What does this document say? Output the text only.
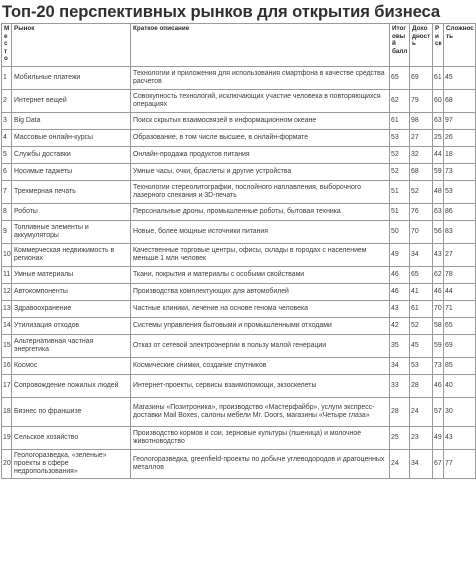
Топ-20 перспективных рынков для открытия бизнеса
Место	Рынок	Краткое описание	Итоговый балл	Доходность	Риск	Сложность
1	Мобильные платежи	Технологии и приложения для использования смартфона в качестве средства расчетов	65	69	61	45
2	Интернет вещей	Совокупность технологий, исключающих участие человека в повторяющихся операциях	62	79	60	68
3	Big Data	Поиск скрытых взаимосвязей в информационном океане	61	98	63	97
4	Массовые онлайн-курсы	Образование, в том числе высшее, в онлайн-формате	53	27	25	26
5	Службы доставки	Онлайн-продажа продуктов питания	52	32	44	18
6	Носимые гаджеты	Умные часы, очки, браслеты и другие устройства	52	68	59	73
7	Трехмерная печать	Технологии стереолитографии, послойного наплавления, выборочного лазерного спекания и 3D-печать	51	52	48	53
8	Роботы	Персональные дроны, промышленные роботы, бытовая техника	51	76	63	86
9	Топливные элементы и аккумуляторы	Новые, более мощные источники питания	50	70	56	83
10	Коммерческая недвижимость в регионах	Качественные торговые центры, офисы, склады в городах с населением меньше 1 млн человек	49	34	43	27
11	Умные материалы	Ткани, покрытия и материалы с особыми свойствами	46	65	62	78
12	Автокомпоненты	Производства комплектующих для автомобилей	46	41	46	44
13	Здравоохранение	Частные клиники, лечение на основе генома человека	43	61	70	71
14	Утилизация отходов	Системы управления бытовыми и промышленными отходами	42	52	58	65
15	Альтернативная частная энергетика	Отказ от сетевой электроэнергии в пользу малой генерации	35	45	59	69
16	Космос	Космические снимки, создание спутников	34	53	73	85
17	Сопровождение пожилых людей	Интернет-проекты, сервисы взаимопомощи, экзоскелеты	33	28	46	40
18	Бизнес по франшизе	Магазины «Позитроника», производство «Мастерфайбр», услуги экспресс-доставки Mail Boxes, салоны мебели Mr. Doors, магазины «Четыре глаза»	28	24	57	30
19	Сельское хозяйство	Производство кормов и сои, зерновые культуры (пшеница) и молочное животноводство	25	23	49	43
20	Геологоразведка, «зеленые» проекты в сфере недропользования»	Геологоразведка, greenfield-проекты по добыче углеводородов и драгоценных металлов	24	34	67	77
